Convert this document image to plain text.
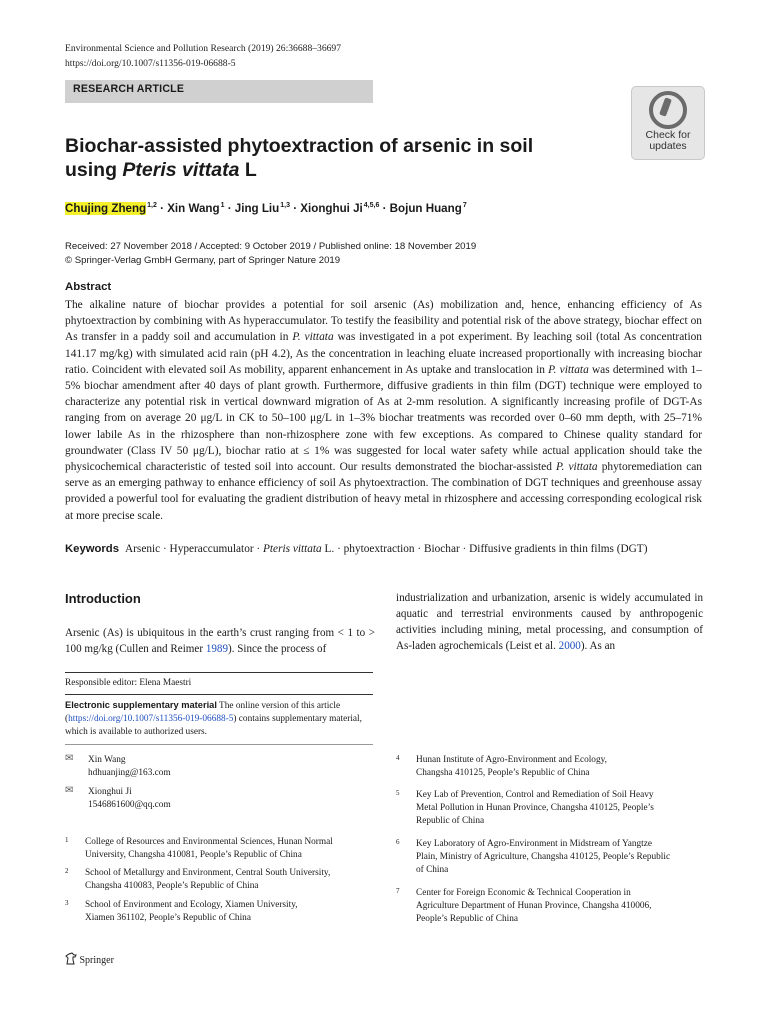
Environmental Science and Pollution Research (2019) 26:36688–36697
https://doi.org/10.1007/s11356-019-06688-5
RESEARCH ARTICLE
Check for
updates
Biochar-assisted phytoextraction of arsenic in soil
using Pteris vittata L
Chujing Zheng$^{1,2}$ · Xin Wang$^1$ · Jing Liu$^{1,3}$ · Xionghui Ji$^{4,5,6}$ · Bojun Huang$^7$
Received: 27 November 2018 / Accepted: 9 October 2019 / Published online: 18 November 2019
© Springer-Verlag GmbH Germany, part of Springer Nature 2019
Abstract
The alkaline nature of biochar provides a potential for soil arsenic (As) mobilization and, hence, enhancing efficiency of As phytoextraction by combining with As hyperaccumulator. To testify the feasibility and potential risk of the above strategy, biochar effect on As transfer in a paddy soil and accumulation in P. vittata was investigated in a pot experiment. By leaching soil (total As concentration 141.17 mg/kg) with simulated acid rain (pH 4.2), As the concentration in leaching eluate increased proportionally with increasing biochar ratio. Coincident with elevated soil As mobility, apparent enhancement in As uptake and translocation in P. vittata was determined with 1–5% biochar amendment after 40 days of plant growth. Furthermore, diffusive gradients in thin film (DGT) technique were employed to characterize any potential risk in vertical downward migration of As at 2-mm resolution. A significantly increasing profile of DGT-As ranging from on average 20 μg/L in CK to 50–100 μg/L in 1–3% biochar treatments was recorded over 0–60 mm depth, with 25–71% lower labile As in the rhizosphere than non-rhizosphere zone with few exceptions. As compared to Chinese quality standard for groundwater (Class IV 50 μg/L), biochar ratio at ≤ 1% was suggested for local water safety while actual application should take the physicochemical characteristic of tested soil into account. Our results demonstrated the biochar-assisted P. vittata phytoremediation can serve as an emerging pathway to enhance efficiency of soil As phytoextraction. The combination of DGT techniques and greenhouse assay provided a powerful tool for evaluating the gradient distribution of heavy metal in rhizosphere and accessing corresponding ecological risk at more precise scale.
Keywords Arsenic · Hyperaccumulator · Pteris vittata L. · phytoextraction · Biochar · Diffusive gradients in thin films (DGT)
Introduction
Arsenic (As) is ubiquitous in the earth’s crust ranging from < 1 to > 100 mg/kg (Cullen and Reimer 1989). Since the process of
industrialization and urbanization, arsenic is widely accumulated in aquatic and terrestrial environments caused by anthropogenic activities including mining, metal processing, and consumption of As-laden agrochemicals (Leist et al. 2000). As an
Responsible editor: Elena Maestri
Electronic supplementary material The online version of this article (https://doi.org/10.1007/s11356-019-06688-5) contains supplementary material, which is available to authorized users.
✉ Xin Wang
hdhuanjing@163.com
✉ Xionghui Ji
1546861600@qq.com
1 College of Resources and Environmental Sciences, Hunan Normal
University, Changsha 410081, People’s Republic of China
2 School of Metallurgy and Environment, Central South University,
Changsha 410083, People’s Republic of China
3 School of Environment and Ecology, Xiamen University,
Xiamen 361102, People’s Republic of China
4 Hunan Institute of Agro-Environment and Ecology,
Changsha 410125, People’s Republic of China
5 Key Lab of Prevention, Control and Remediation of Soil Heavy
Metal Pollution in Hunan Province, Changsha 410125, People’s
Republic of China
6 Key Laboratory of Agro-Environment in Midstream of Yangtze
Plain, Ministry of Agriculture, Changsha 410125, People’s Republic
of China
7 Center for Foreign Economic & Technical Cooperation in
Agriculture Department of Hunan Province, Changsha 410006,
People’s Republic of China
Springer
